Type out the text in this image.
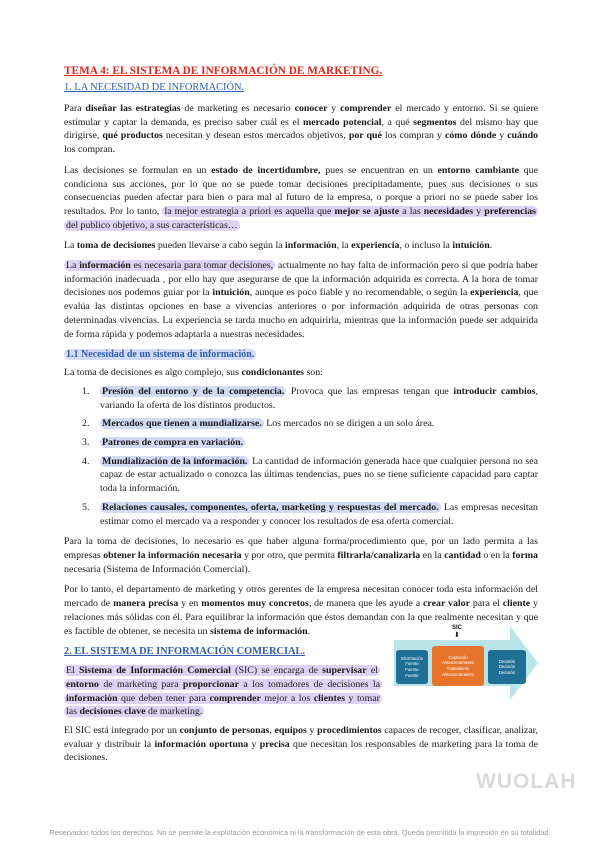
TEMA 4: EL SISTEMA DE INFORMACIÓN DE MARKETING.
1. LA NECESIDAD DE INFORMACIÓN.

Para diseñar las estrategias de marketing es necesario conocer y comprender el mercado y entorno. Si se quiere estimular y captar la demanda, es preciso saber cuál es el mercado potencial, a qué segmentos del mismo hay que dirigirse, qué productos necesitan y desean estos mercados objetivos, por qué los compran y cómo dónde y cuándo los compran.

Las decisiones se formulan en un estado de incertidumbre, pues se encuentran en un entorno cambiante que condiciona sus acciones, por lo que no se puede tomar decisiones precipitadamente, pues sus decisiones o sus consecuencias pueden afectar para bien o para mal al futuro de la empresa, o porque a priori no se puede saber los resultados. Por lo tanto, la mejor estrategia a priori es aquella que mejor se ajuste a las necesidades y preferencias del publico objetivo, a sus características…

La toma de decisiones pueden llevarse a cabo según la información, la experiencia, o incluso la intuición.

La información es necesaria para tomar decisiones, actualmente no hay falta de información pero si que podría haber información inadecuada , por ello hay que asegurarse de que la información adquirida es correcta. A la hora de tomar decisiones nos podemos guiar por la intuición, aunque es poco fiable y no recomendable, o según la experiencia, que evalúa las distintas opciones en base a vivencias anteriores o por información adquirida de otras personas con determinadas vivencias. La experiencia se tarda mucho en adquirirla, mientras que la información puede ser adquirida de forma rápida y podemos adaptarla a nuestras necesidades.

1.1 Necesidad de un sistema de información.

La toma de decisiones es algo complejo, sus condicionantes son:

1. Presión del entorno y de la competencia. Provoca que las empresas tengan que introducir cambios, variando la oferta de los distintos productos.
2. Mercados que tienen a mundializarse. Los mercados no se dirigen a un solo área.
3. Patrones de compra en variación.
4. Mundialización de la información. La cantidad de información generada hace que cualquier persona no sea capaz de estar actualizado o conozca las últimas tendencias, pues no se tiene suficiente capacidad para captar toda la información.
5. Relaciones causales, componentes, oferta, marketing y respuestas del mercado. Las empresas necesitan estimar como el mercado va a responder y conocer los resultados de esa oferta comercial.

Para la toma de decisiones, lo necesario es que haber alguna forma/procedimiento que, por un lado permita a las empresas obtener la información necesaria y por otro, que permita filtrarla/canalizarla en la cantidad o en la forma necesaria (Sistema de Información Comercial).

Por lo tanto, el departamento de marketing y otros gerentes de la empresa necesitan conocer toda esta información del mercado de manera precisa y en momentos muy concretos, de manera que les ayude a crear valor para el cliente y relaciones más sólidas con él. Para equilibrar la información que éstos demandan con la que realmente necesitan y que es factible de obtener, se necesita un sistema de información.

2. EL SISTEMA DE INFORMACIÓN COMERCIAL.

El Sistema de Información Comercial (SIC) se encarga de supervisar el entorno de marketing para proporcionar a los tomadores de decisiones la información que deben tener para comprender mejor a los clientes y tomar las decisiones clave de marketing.

El SIC está integrado por un conjunto de personas, equipos y procedimientos capaces de recoger, clasificar, analizar, evaluar y distribuir la información oportuna y precisa que necesitan los responsables de marketing para la toma de decisiones.

SIC
⬇
Información
Fuente
Fuente
Fuente
Captación
Almacenamiento
Tratamiento
Almacenamiento
Decisión
Decisión
Decisión
WUOLAH
Reservados todos los derechos. No se permite la explotación económica ni la transformación de esta obra. Queda permitida la impresión en su totalidad.
